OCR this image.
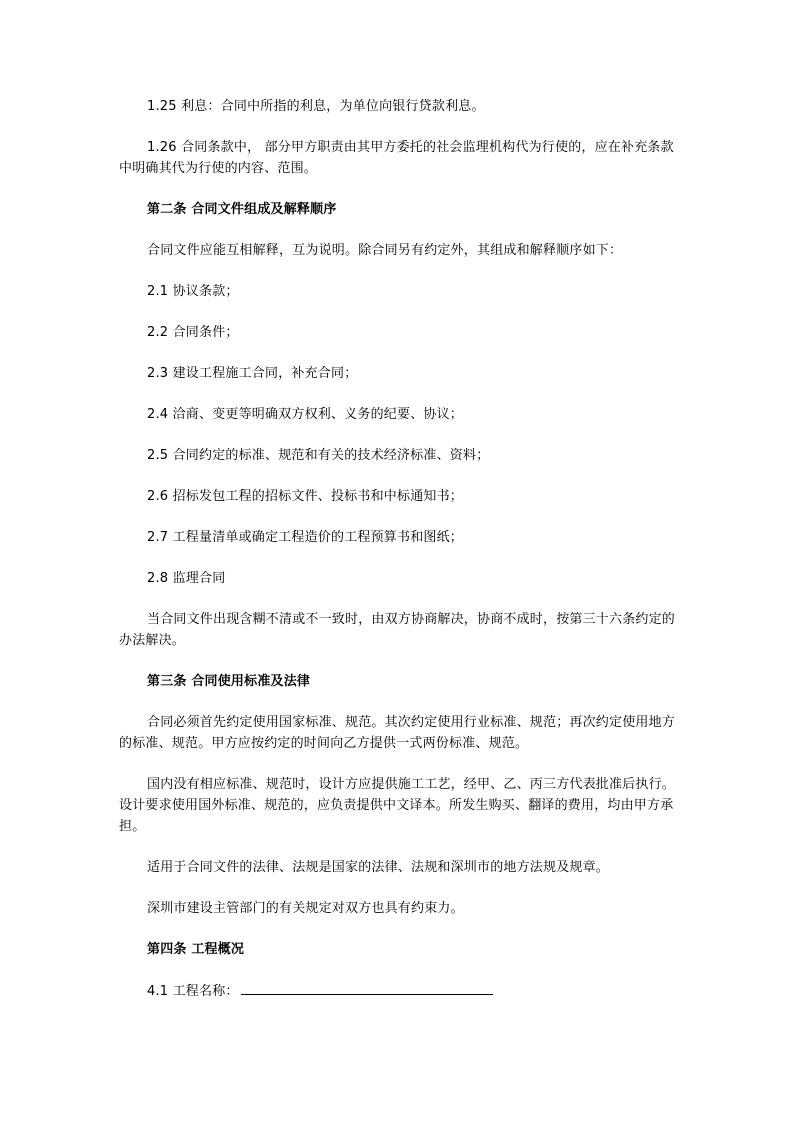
1.25 利息：合同中所指的利息，为单位向银行贷款利息。

1.26 合同条款中， 部分甲方职责由其甲方委托的社会监理机构代为行使的，应在补充条款中明确其代为行使的内容、范围。

第二条 合同文件组成及解释顺序

合同文件应能互相解释，互为说明。除合同另有约定外，其组成和解释顺序如下：

2.1 协议条款；

2.2 合同条件；

2.3 建设工程施工合同，补充合同；

2.4 洽商、变更等明确双方权利、义务的纪要、协议；

2.5 合同约定的标准、规范和有关的技术经济标准、资料；

2.6 招标发包工程的招标文件、投标书和中标通知书；

2.7 工程量清单或确定工程造价的工程预算书和图纸；

2.8 监理合同

当合同文件出现含糊不清或不一致时，由双方协商解决，协商不成时，按第三十六条约定的办法解决。

第三条 合同使用标准及法律

合同必须首先约定使用国家标准、规范。其次约定使用行业标准、规范；再次约定使用地方的标准、规范。甲方应按约定的时间向乙方提供一式两份标准、规范。

国内没有相应标准、规范时，设计方应提供施工工艺，经甲、乙、丙三方代表批准后执行。设计要求使用国外标准、规范的，应负责提供中文译本。所发生购买、翻译的费用，均由甲方承担。

适用于合同文件的法律、法规是国家的法律、法规和深圳市的地方法规及规章。

深圳市建设主管部门的有关规定对双方也具有约束力。

第四条 工程概况

4.1 工程名称：
